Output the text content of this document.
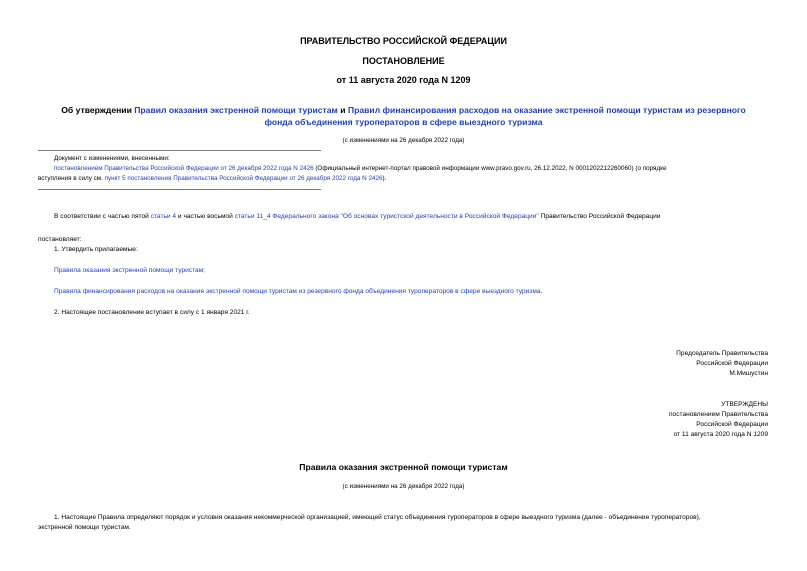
ПРАВИТЕЛЬСТВО РОССИЙСКОЙ ФЕДЕРАЦИИ
ПОСТАНОВЛЕНИЕ
от 11 августа 2020 года N 1209
Об утверждении Правил оказания экстренной помощи туристам и Правил финансирования расходов на оказание экстренной помощи туристам из резервного
фонда объединения туроператоров в сфере выездного туризма
(с изменениями на 26 декабря 2022 года)
Документ с изменениями, внесенными:
постановлением Правительства Российской Федерации от 26 декабря 2022 года N 2426 (Официальный интернет-портал правовой информации www.pravo.gov.ru, 26.12.2022, N 0001202212260060) (о порядке
вступления в силу см. пункт 5 постановления Правительства Российской Федерации от 26 декабря 2022 года N 2426).
В соответствии с частью пятой статьи 4 и частью восьмой статьи 11_4 Федерального закона "Об основах туристской деятельности в Российской Федерации" Правительство Российской Федерации
постановляет:
1. Утвердить прилагаемые:
Правила оказания экстренной помощи туристам;
Правила финансирования расходов на оказание экстренной помощи туристам из резервного фонда объединения туроператоров в сфере выездного туризма.
2. Настоящее постановление вступает в силу с 1 января 2021 г.
Председатель Правительства
Российской Федерации
М.Мишустин
УТВЕРЖДЕНЫ
постановлением Правительства
Российской Федерации
от 11 августа 2020 года N 1209
Правила оказания экстренной помощи туристам
(с изменениями на 26 декабря 2022 года)
1. Настоящие Правила определяют порядок и условия оказания некоммерческой организацией, имеющей статус объединения туроператоров в сфере выездного туризма (далее - объединение туроператоров),
экстренной помощи туристам.
